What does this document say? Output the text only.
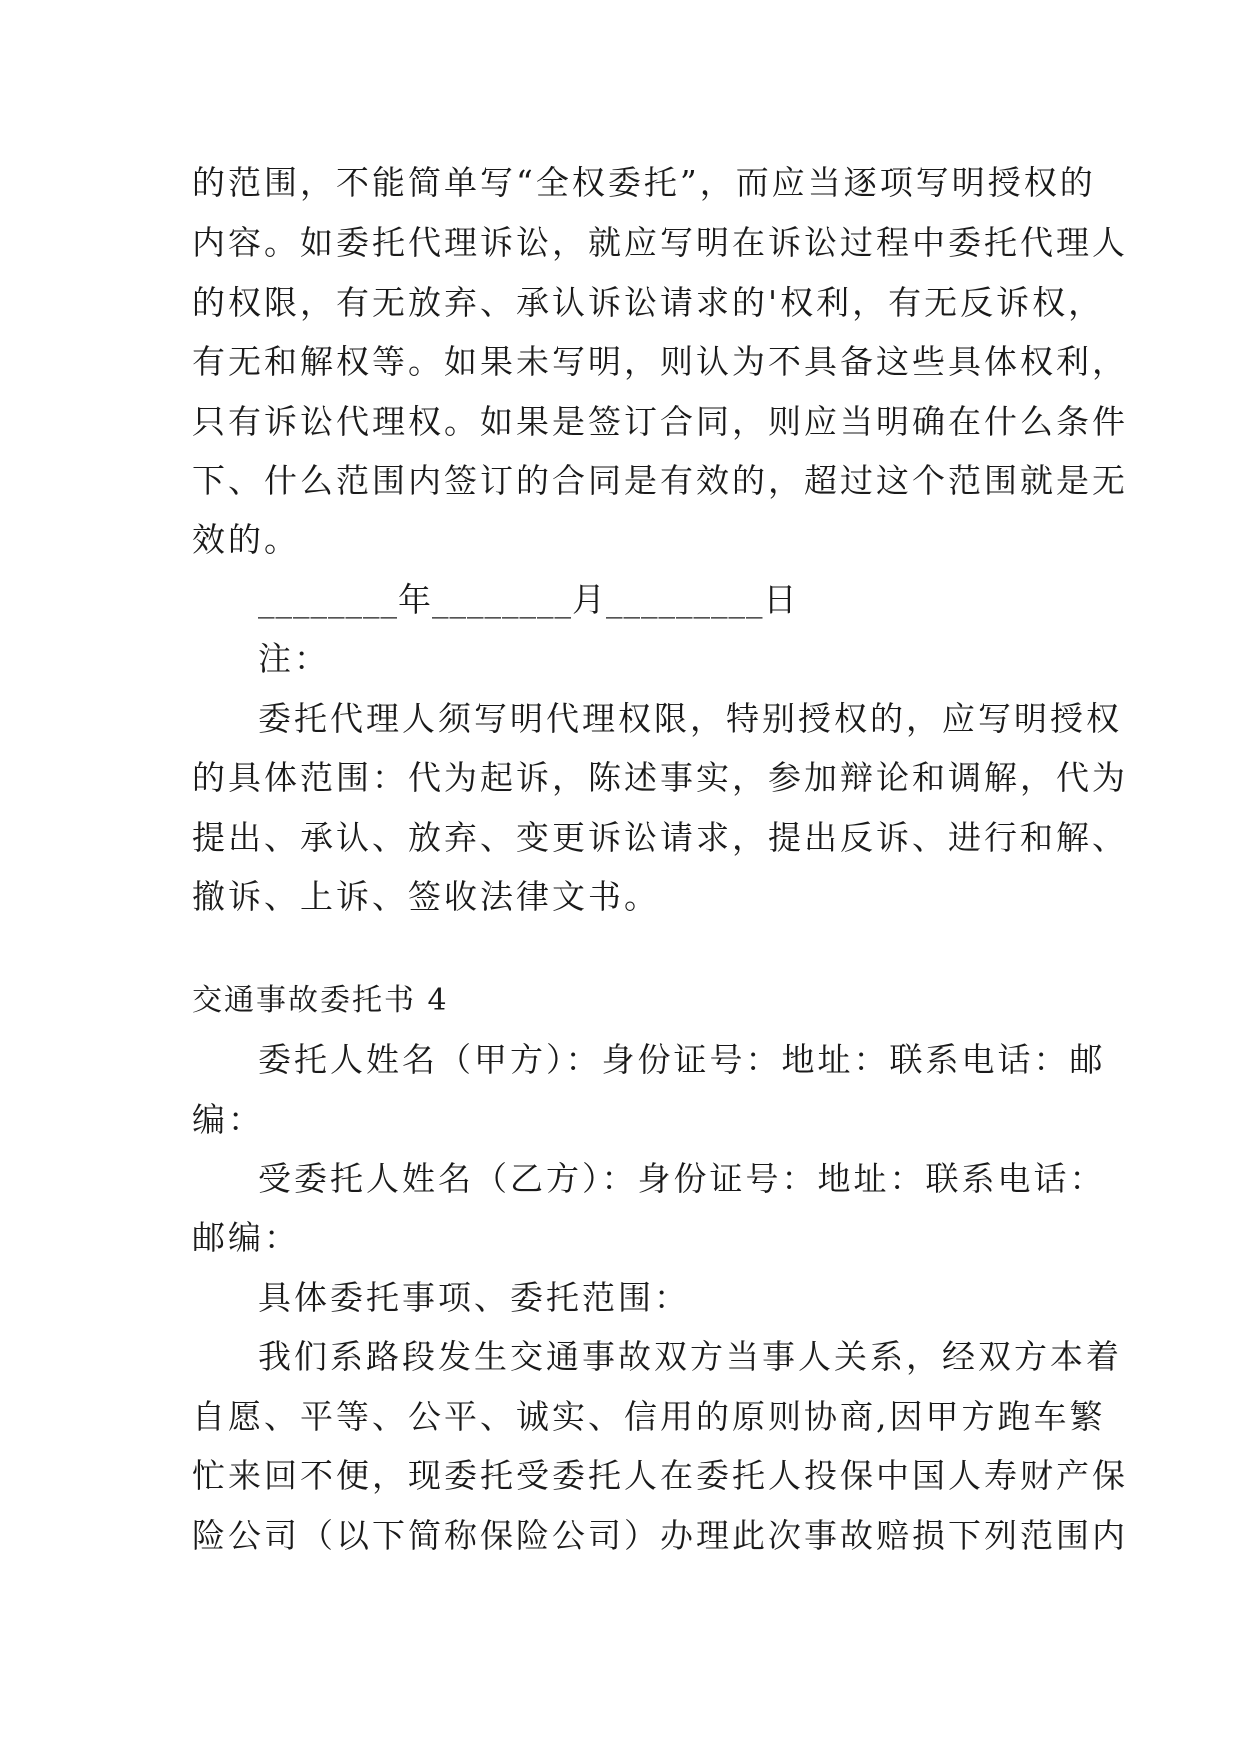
的范围，不能简单写“全权委托”，而应当逐项写明授权的
内容。如委托代理诉讼，就应写明在诉讼过程中委托代理人
的权限，有无放弃、承认诉讼请求的'权利，有无反诉权，
有无和解权等。如果未写明，则认为不具备这些具体权利，
只有诉讼代理权。如果是签订合同，则应当明确在什么条件
下、什么范围内签订的合同是有效的，超过这个范围就是无
效的。
________年________月_________日
注：
委托代理人须写明代理权限，特别授权的，应写明授权
的具体范围：代为起诉，陈述事实，参加辩论和调解，代为
提出、承认、放弃、变更诉讼请求，提出反诉、进行和解、
撤诉、上诉、签收法律文书。
交通事故委托书 4
委托人姓名（甲方）：身份证号：地址：联系电话：邮
编：
受委托人姓名（乙方）：身份证号：地址：联系电话：
邮编：
具体委托事项、委托范围：
我们系路段发生交通事故双方当事人关系，经双方本着
自愿、平等、公平、诚实、信用的原则协商,因甲方跑车繁
忙来回不便，现委托受委托人在委托人投保中国人寿财产保
险公司（以下简称保险公司）办理此次事故赔损下列范围内
